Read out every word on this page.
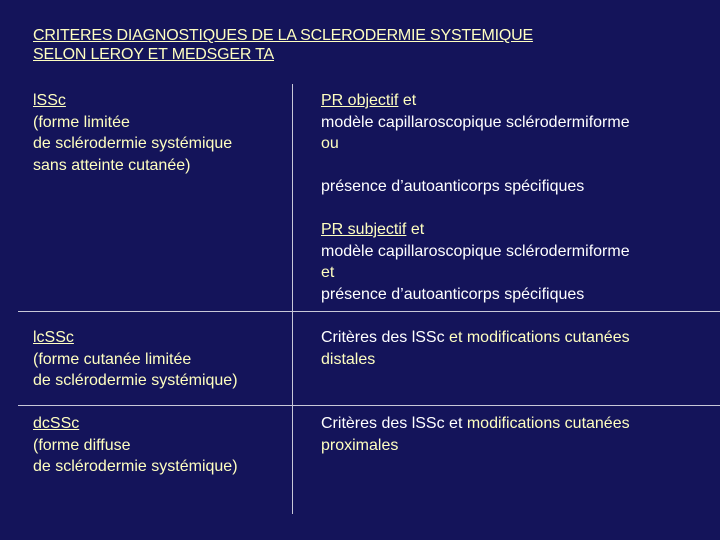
CRITERES DIAGNOSTIQUES DE LA SCLERODERMIE SYSTEMIQUE
SELON LEROY ET MEDSGER TA
lSSc
(forme limitée
de sclérodermie systémique
sans atteinte cutanée)
PR objectif et
modèle capillaroscopique sclérodermiforme
ou
présence d’autoanticorps spécifiques
PR subjectif et
modèle capillaroscopique sclérodermiforme
et
présence d’autoanticorps spécifiques
lcSSc
(forme cutanée limitée
de sclérodermie systémique)
Critères des lSSc et modifications cutanées
distales
dcSSc
(forme diffuse
de sclérodermie systémique)
Critères des lSSc et modifications cutanées
proximales
